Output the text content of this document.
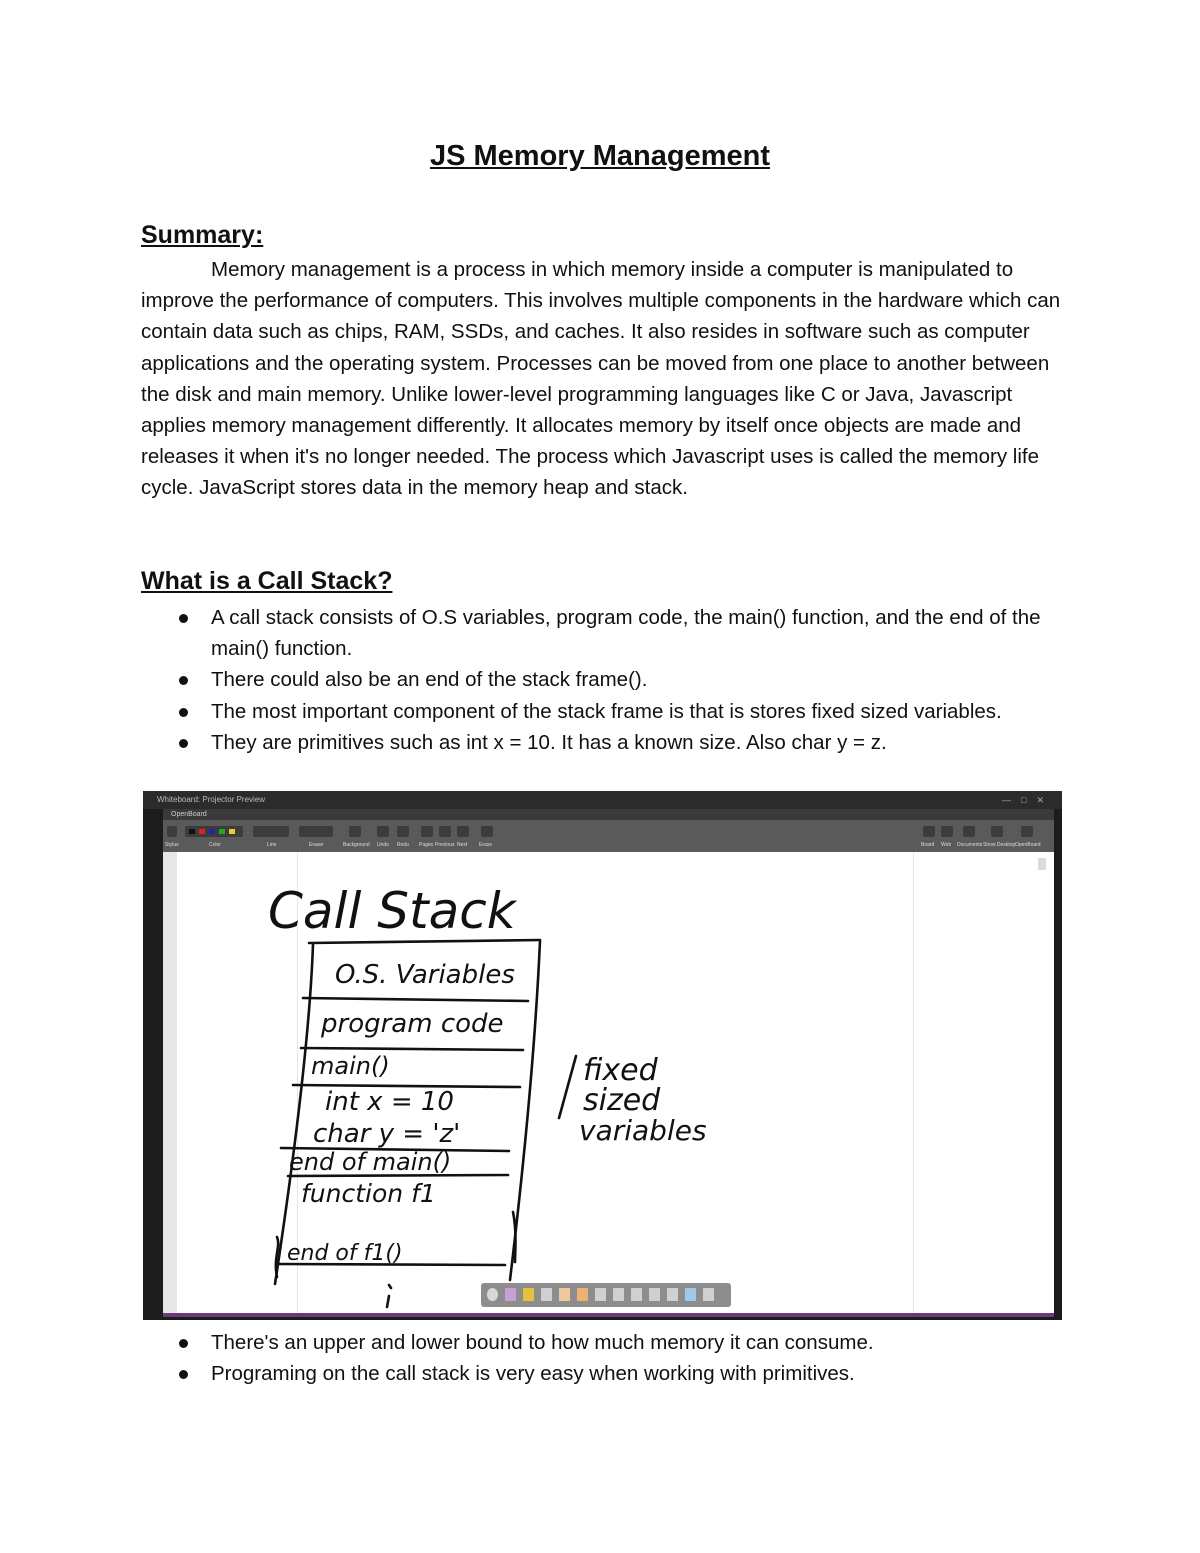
JS Memory Management
Summary:

Memory management is a process in which memory inside a computer is manipulated to improve the performance of computers. This involves multiple components in the hardware which can contain data such as chips, RAM, SSDs, and caches. It also resides in software such as computer applications and the operating system. Processes can be moved from one place to another between the disk and main memory. Unlike lower-level programming languages like C or Java, Javascript applies memory management differently. It allocates memory by itself once objects are made and releases it when it's no longer needed. The process which Javascript uses is called the memory life cycle. JavaScript stores data in the memory heap and stack.

What is a Call Stack?
A call stack consists of O.S variables, program code, the main() function, and the end of the main() function.
There could also be an end of the stack frame().
The most important component of the stack frame is that is stores fixed sized variables.
They are primitives such as int x = 10. It has a known size. Also char y = z.
Whiteboard: Projector Preview	—□✕
OpenBoard
Stylus	Color	Line	Eraser	Background Undo Redo Pages Previous Next Erase	Board Web Documents Show Desktop OpenBoard
Call Stack
O.S. Variables
program code
main()
int x = 10
char y = 'z'
end of main()
function f1
end of f1()
fixed
sized
variables
There's an upper and lower bound to how much memory it can consume.
Programing on the call stack is very easy when working with primitives.
